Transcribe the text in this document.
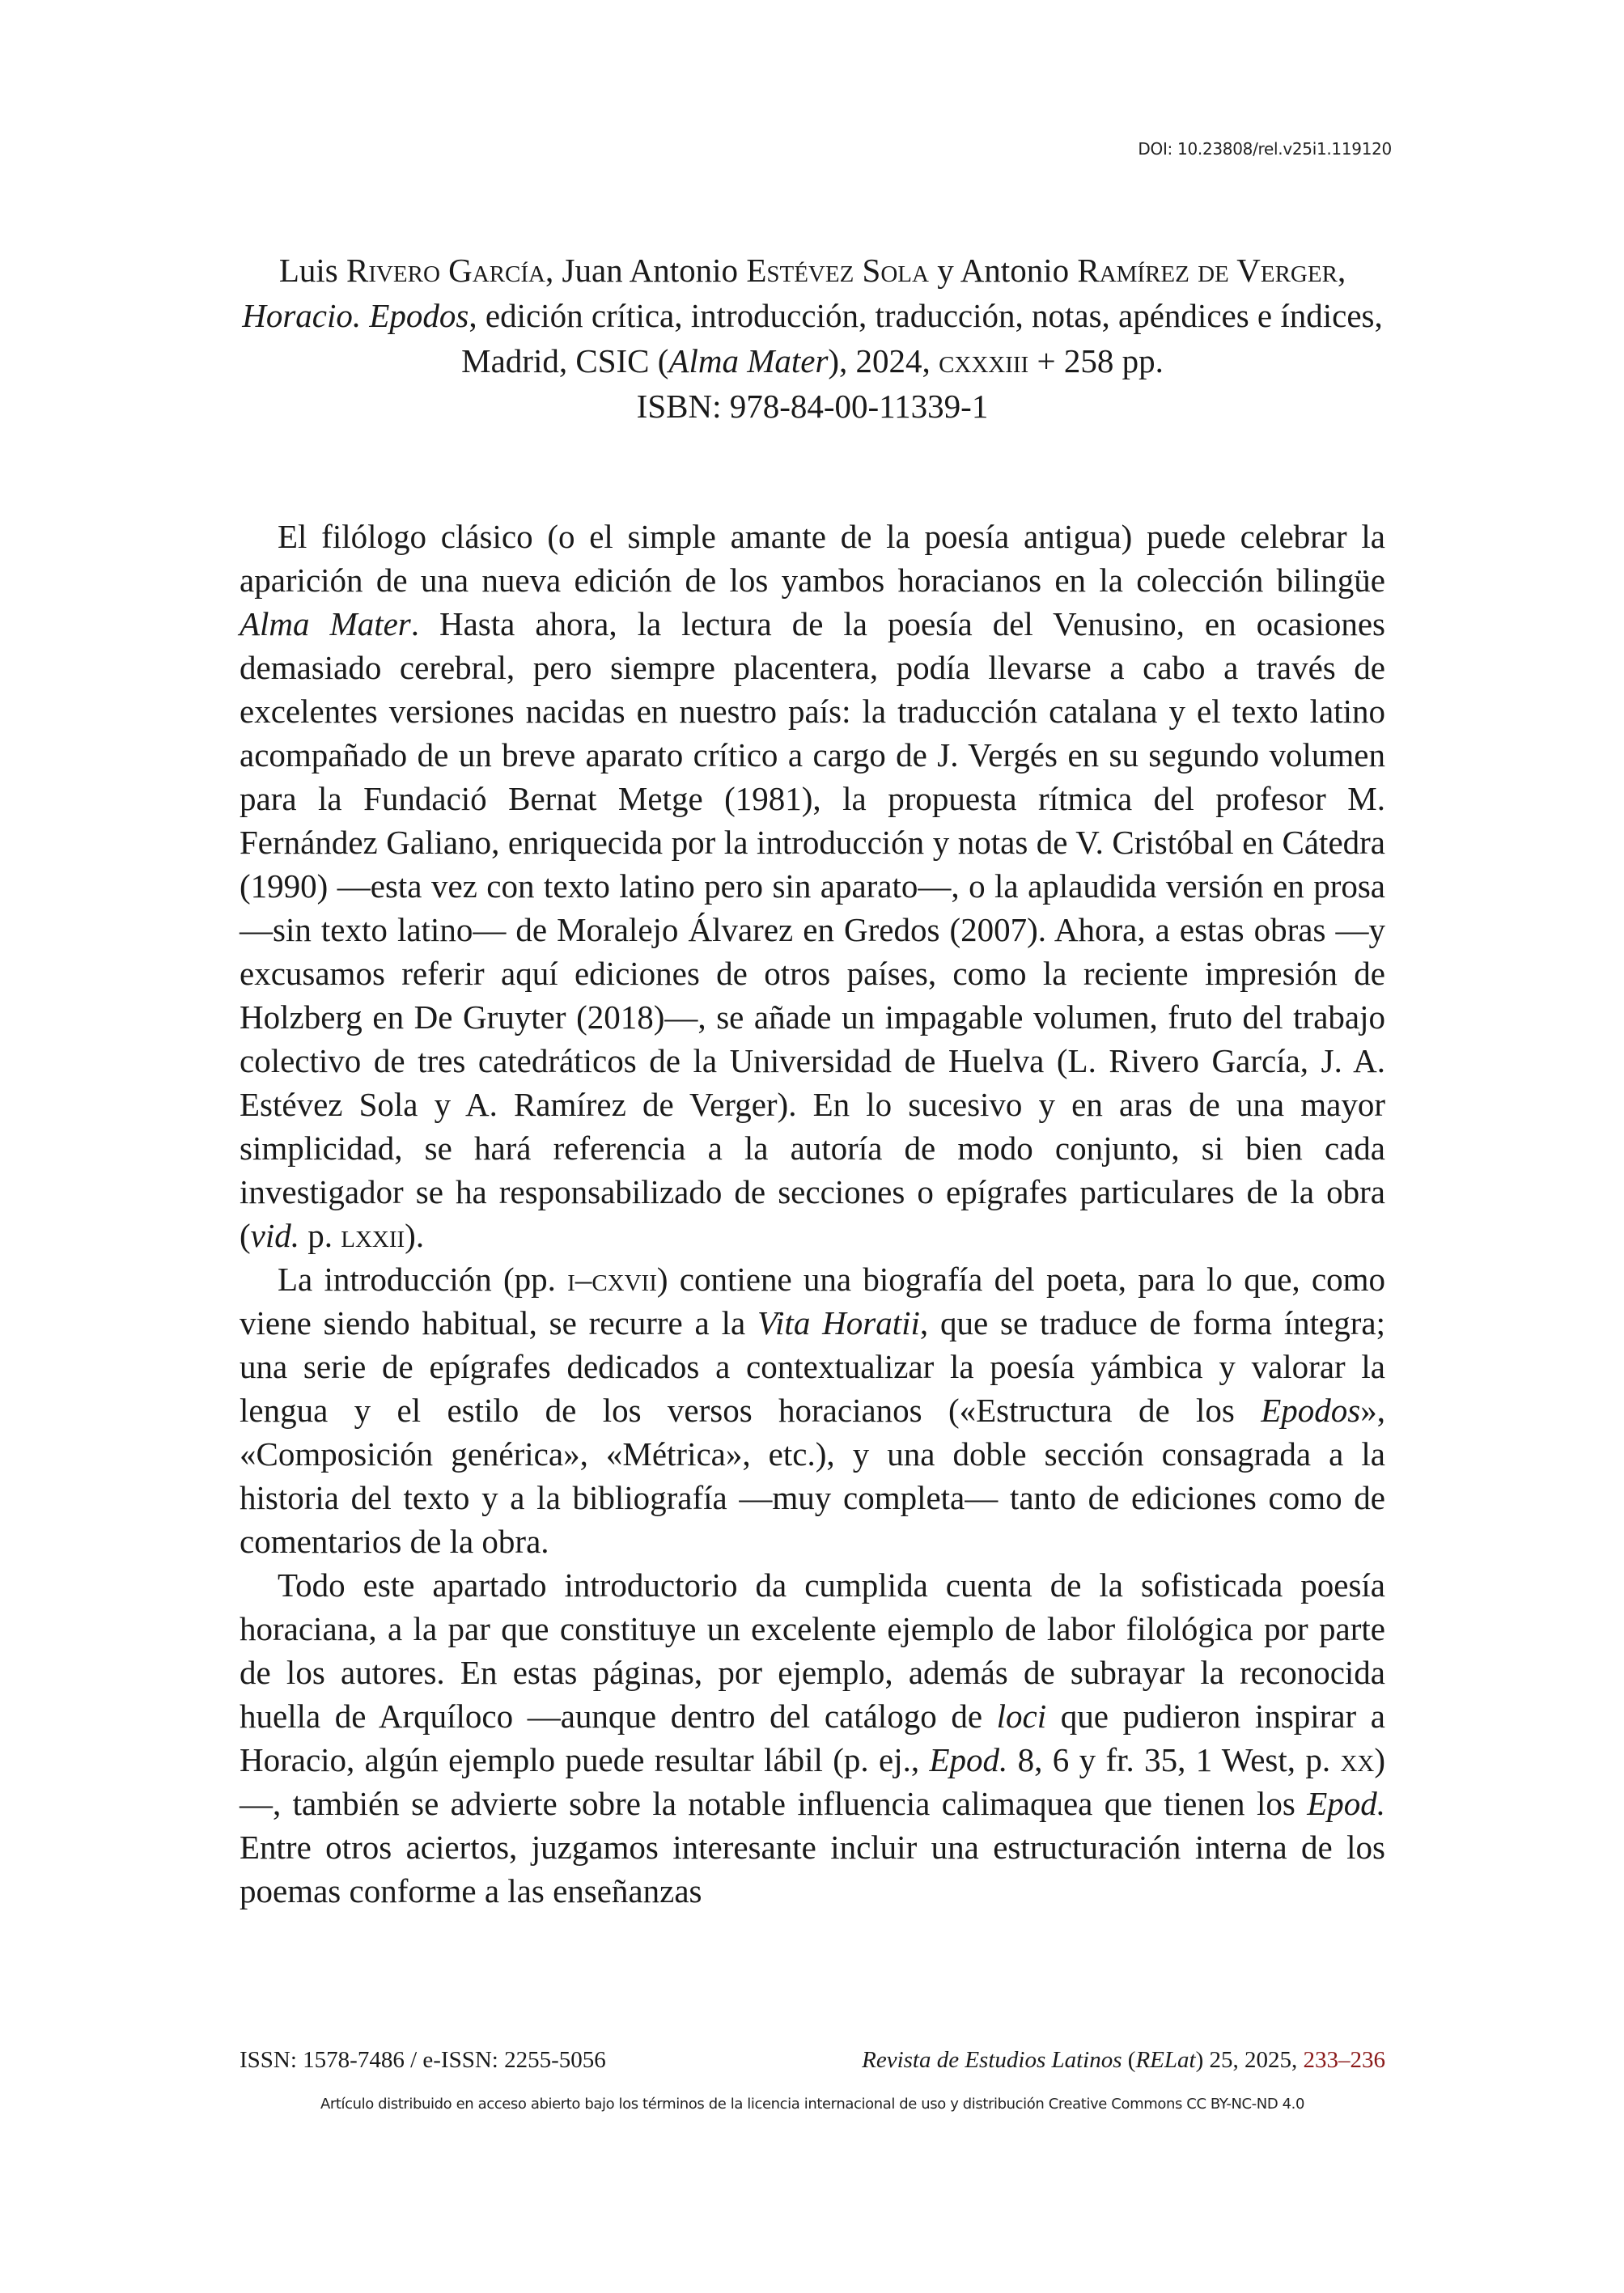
DOI: 10.23808/rel.v25i1.119120
Luis Rivero García, Juan Antonio Estévez Sola y Antonio Ramírez de Verger, Horacio. Epodos, edición crítica, introducción, traducción, notas, apéndices e índices, Madrid, CSIC (Alma Mater), 2024, cxxxiii + 258 pp.
ISBN: 978-84-00-11339-1

El filólogo clásico (o el simple amante de la poesía antigua) puede celebrar la aparición de una nueva edición de los yambos horacianos en la colección bilingüe Alma Mater. Hasta ahora, la lectura de la poesía del Venusino, en ocasiones demasiado cerebral, pero siempre placentera, podía llevarse a cabo a través de excelentes versiones nacidas en nuestro país: la traducción catalana y el texto latino acompañado de un breve aparato crítico a cargo de J. Vergés en su segundo volumen para la Fundació Bernat Metge (1981), la propuesta rítmica del profesor M. Fernández Galiano, enriquecida por la introducción y notas de V. Cristóbal en Cátedra (1990) —esta vez con texto latino pero sin aparato—, o la aplaudida versión en prosa —sin texto latino— de Moralejo Álvarez en Gredos (2007). Ahora, a estas obras —y excusamos referir aquí ediciones de otros países, como la reciente impresión de Holzberg en De Gruyter (2018)—, se añade un impagable volumen, fruto del trabajo colectivo de tres catedráticos de la Universidad de Huelva (L. Rivero García, J. A. Estévez Sola y A. Ramírez de Verger). En lo sucesivo y en aras de una mayor simplicidad, se hará referencia a la autoría de modo conjunto, si bien cada investigador se ha responsabilizado de secciones o epígrafes particulares de la obra (vid. p. lxxii).

La introducción (pp. i–cxvii) contiene una biografía del poeta, para lo que, como viene siendo habitual, se recurre a la Vita Horatii, que se traduce de forma íntegra; una serie de epígrafes dedicados a contextualizar la poesía yámbica y valorar la lengua y el estilo de los versos horacianos («Estructura de los Epodos», «Composición genérica», «Métrica», etc.), y una doble sección consagrada a la historia del texto y a la bibliografía —muy completa— tanto de ediciones como de comentarios de la obra.

Todo este apartado introductorio da cumplida cuenta de la sofisticada poesía horaciana, a la par que constituye un excelente ejemplo de labor filológica por parte de los autores. En estas páginas, por ejemplo, además de subrayar la reconocida huella de Arquíloco —aunque dentro del catálogo de loci que pudieron inspirar a Horacio, algún ejemplo puede resultar lábil (p. ej., Epod. 8, 6 y fr. 35, 1 West, p. xx)—, también se advierte sobre la notable influencia calimaquea que tienen los Epod. Entre otros aciertos, juzgamos interesante incluir una estructuración interna de los poemas conforme a las enseñanzas

ISSN: 1578-7486 / e-ISSN: 2255-5056	Revista de Estudios Latinos (RELat) 25, 2025, 233–236
Artículo distribuido en acceso abierto bajo los términos de la licencia internacional de uso y distribución Creative Commons CC BY-NC-ND 4.0
